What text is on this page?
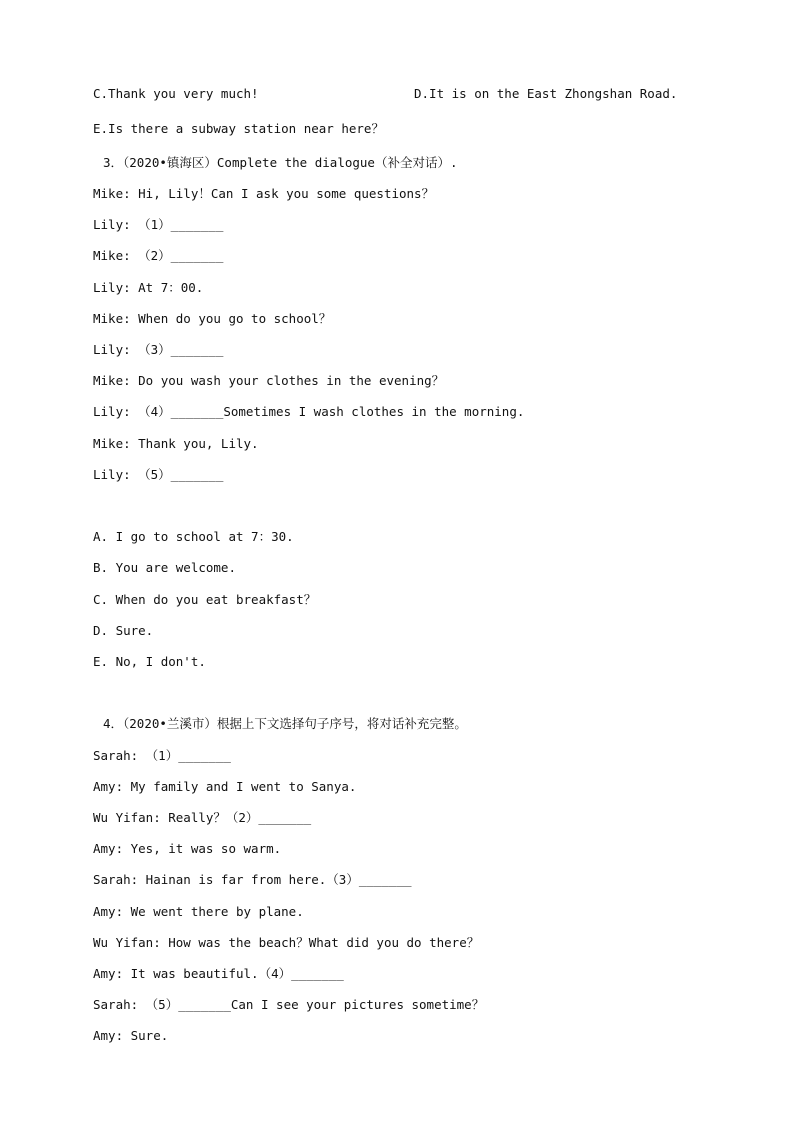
C.Thank you very much!	D.It is on the East Zhongshan Road.
E.Is there a subway station near here？
3．（2020•镇海区）Complete the dialogue（补全对话）.
Mike: Hi, Lily！Can I ask you some questions？
Lily: （1）_______
Mike: （2）_______
Lily: At 7：00.
Mike: When do you go to school？
Lily: （3）_______
Mike: Do you wash your clothes in the evening？
Lily: （4）_______Sometimes I wash clothes in the morning.
Mike: Thank you, Lily.
Lily: （5）_______
A. I go to school at 7：30.
B. You are welcome.
C. When do you eat breakfast？
D. Sure.
E. No, I don't.
4．（2020•兰溪市）根据上下文选择句子序号，将对话补充完整。
Sarah: （1）_______
Amy: My family and I went to Sanya.
Wu Yifan: Really？（2）_______
Amy: Yes, it was so warm.
Sarah: Hainan is far from here.（3）_______
Amy: We went there by plane.
Wu Yifan: How was the beach？What did you do there？
Amy: It was beautiful.（4）_______
Sarah: （5）_______Can I see your pictures sometime？
Amy: Sure.
